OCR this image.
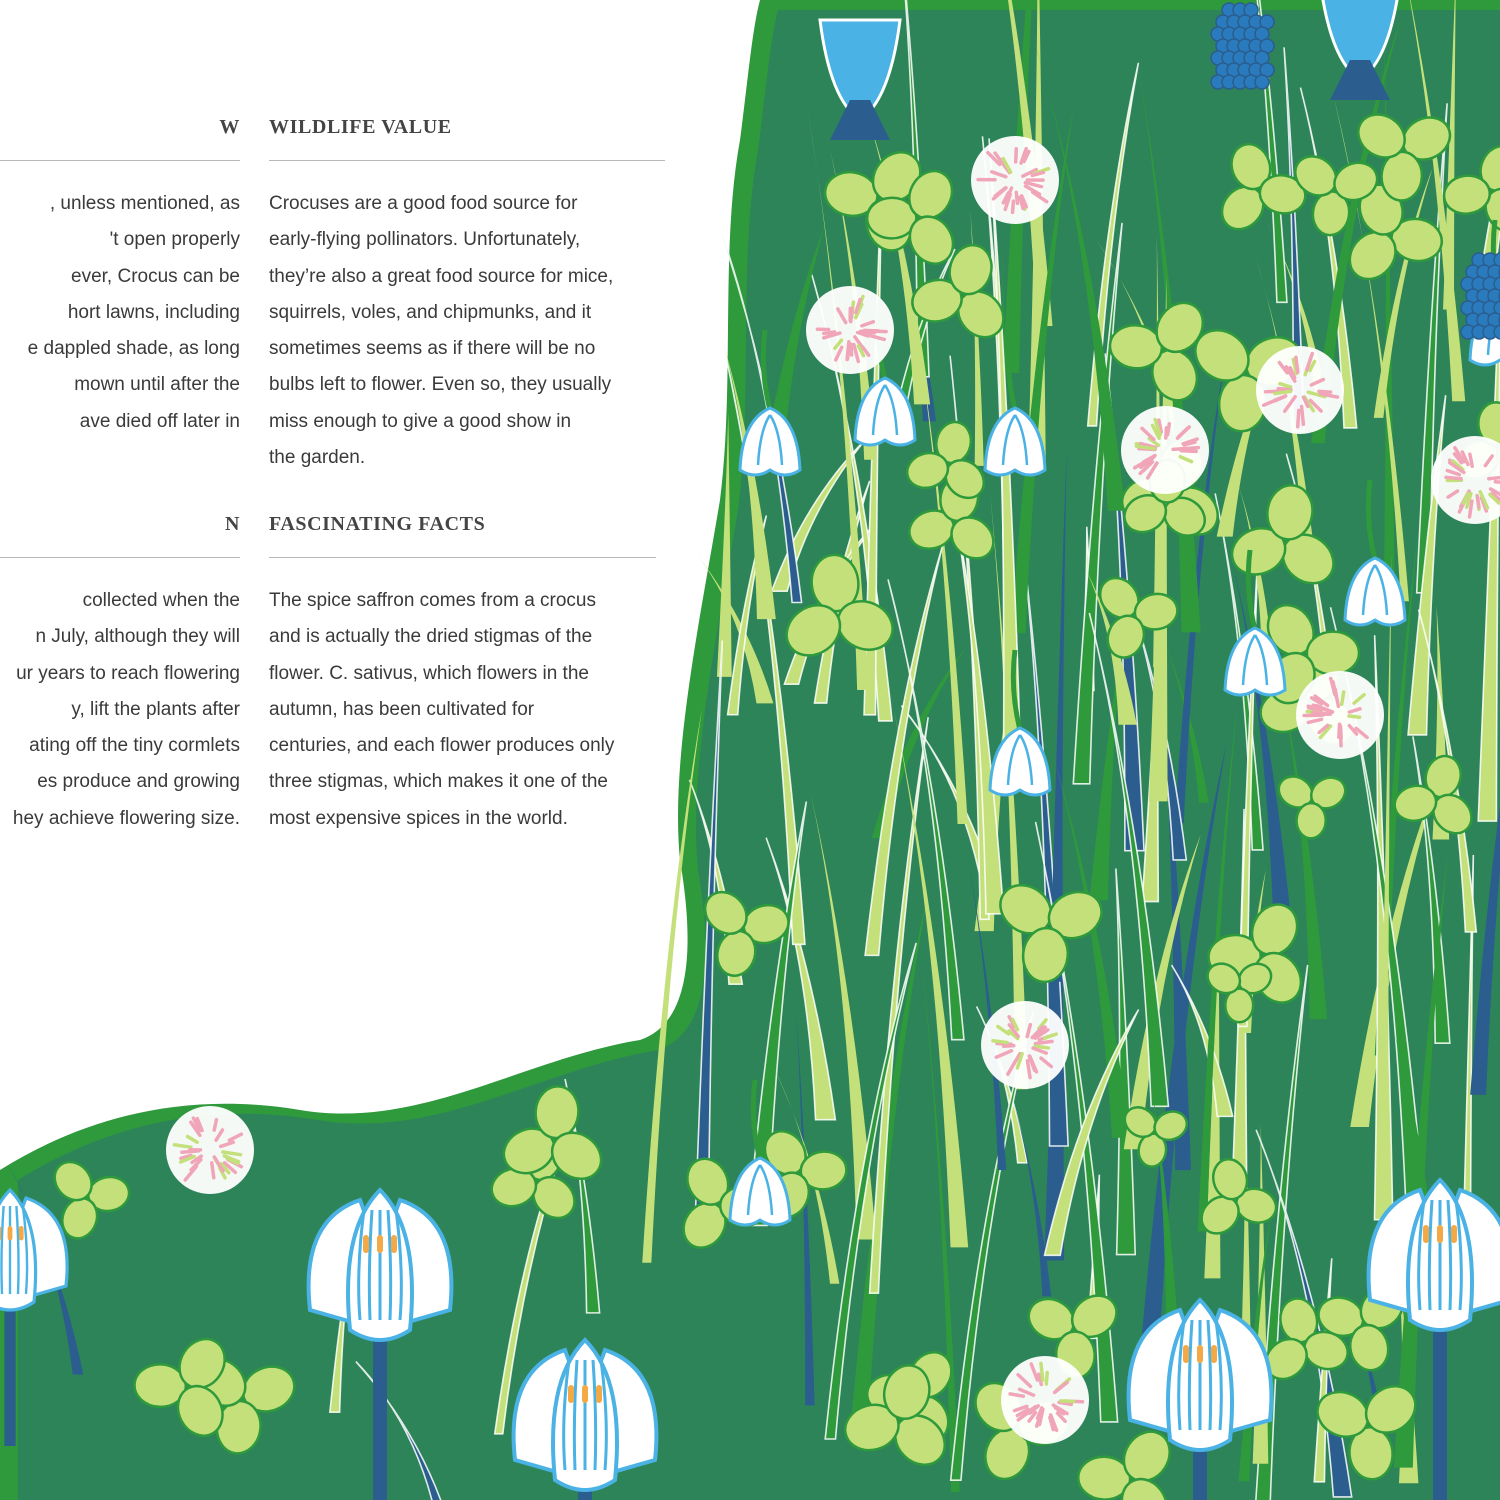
W
, unless mentioned, as
't open properly
ever, Crocus can be
hort lawns, including
e dappled shade, as long
mown until after the
ave died off later in
N
collected when the
n July, although they will
ur years to reach flowering
y, lift the plants after
ating off the tiny cormlets
es produce and growing
hey achieve flowering size.
WILDLIFE VALUE
Crocuses are a good food source for
early-flying pollinators. Unfortunately,
they’re also a great food source for mice,
squirrels, voles, and chipmunks, and it
sometimes seems as if there will be no
bulbs left to flower. Even so, they usually
miss enough to give a good show in
the garden.
FASCINATING FACTS
The spice saffron comes from a crocus
and is actually the dried stigmas of the
flower. C. sativus, which flowers in the
autumn, has been cultivated for
centuries, and each flower produces only
three stigmas, which makes it one of the
most expensive spices in the world.
